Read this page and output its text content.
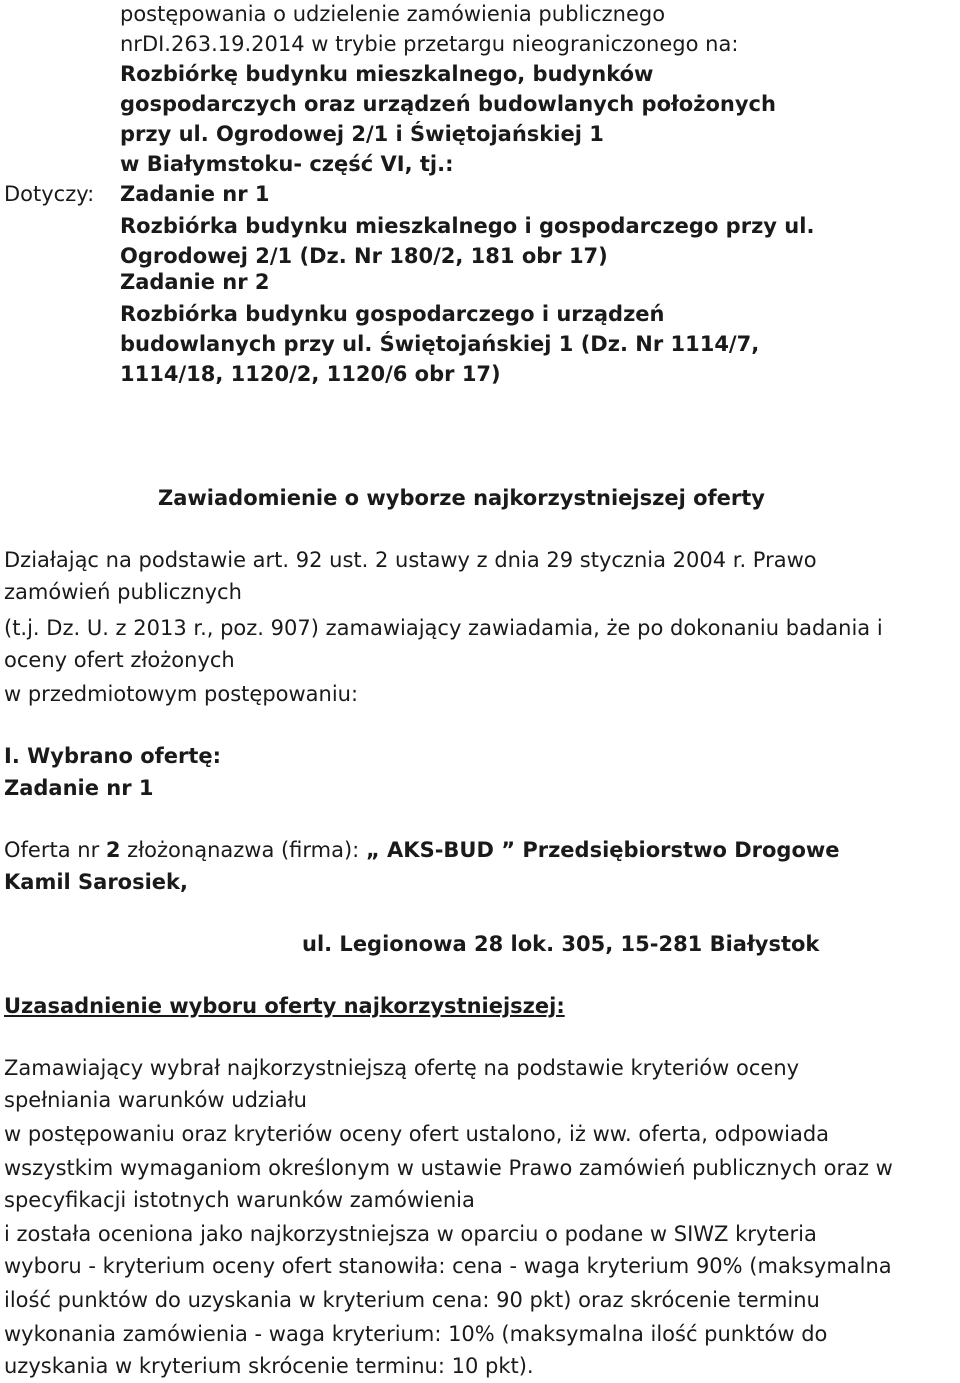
postępowania o udzielenie zamówienia publicznego
nrDI.263.19.2014 w trybie przetargu nieograniczonego na:
Rozbiórkę budynku mieszkalnego, budynków
gospodarczych oraz urządzeń budowlanych położonych
przy ul. Ogrodowej 2/1 i Świętojańskiej 1
w Białymstoku- część VI, tj.:
Dotyczy: Zadanie nr 1
Rozbiórka budynku mieszkalnego i gospodarczego przy ul.
Ogrodowej 2/1 (Dz. Nr 180/2, 181 obr 17)
Zadanie nr 2
Rozbiórka budynku gospodarczego i urządzeń
budowlanych przy ul. Świętojańskiej 1 (Dz. Nr 1114/7,
1114/18, 1120/2, 1120/6 obr 17)
Zawiadomienie o wyborze najkorzystniejszej oferty
Działając na podstawie art. 92 ust. 2 ustawy z dnia 29 stycznia 2004 r. Prawo
zamówień publicznych
(t.j. Dz. U. z 2013 r., poz. 907) zamawiający zawiadamia, że po dokonaniu badania i
oceny ofert złożonych
w przedmiotowym postępowaniu:
I. Wybrano ofertę:
Zadanie nr 1
Oferta nr 2 złożonąnazwa (firma): „ AKS-BUD ” Przedsiębiorstwo Drogowe
Kamil Sarosiek,
ul. Legionowa 28 lok. 305, 15-281 Białystok
Uzasadnienie wyboru oferty najkorzystniejszej:
Zamawiający wybrał najkorzystniejszą ofertę na podstawie kryteriów oceny
spełniania warunków udziału
w postępowaniu oraz kryteriów oceny ofert ustalono, iż ww. oferta, odpowiada
wszystkim wymaganiom określonym w ustawie Prawo zamówień publicznych oraz w
specyfikacji istotnych warunków zamówienia
i została oceniona jako najkorzystniejsza w oparciu o podane w SIWZ kryteria
wyboru - kryterium oceny ofert stanowiła: cena - waga kryterium 90% (maksymalna
ilość punktów do uzyskania w kryterium cena: 90 pkt) oraz skrócenie terminu
wykonania zamówienia - waga kryterium: 10% (maksymalna ilość punktów do
uzyskania w kryterium skrócenie terminu: 10 pkt).
